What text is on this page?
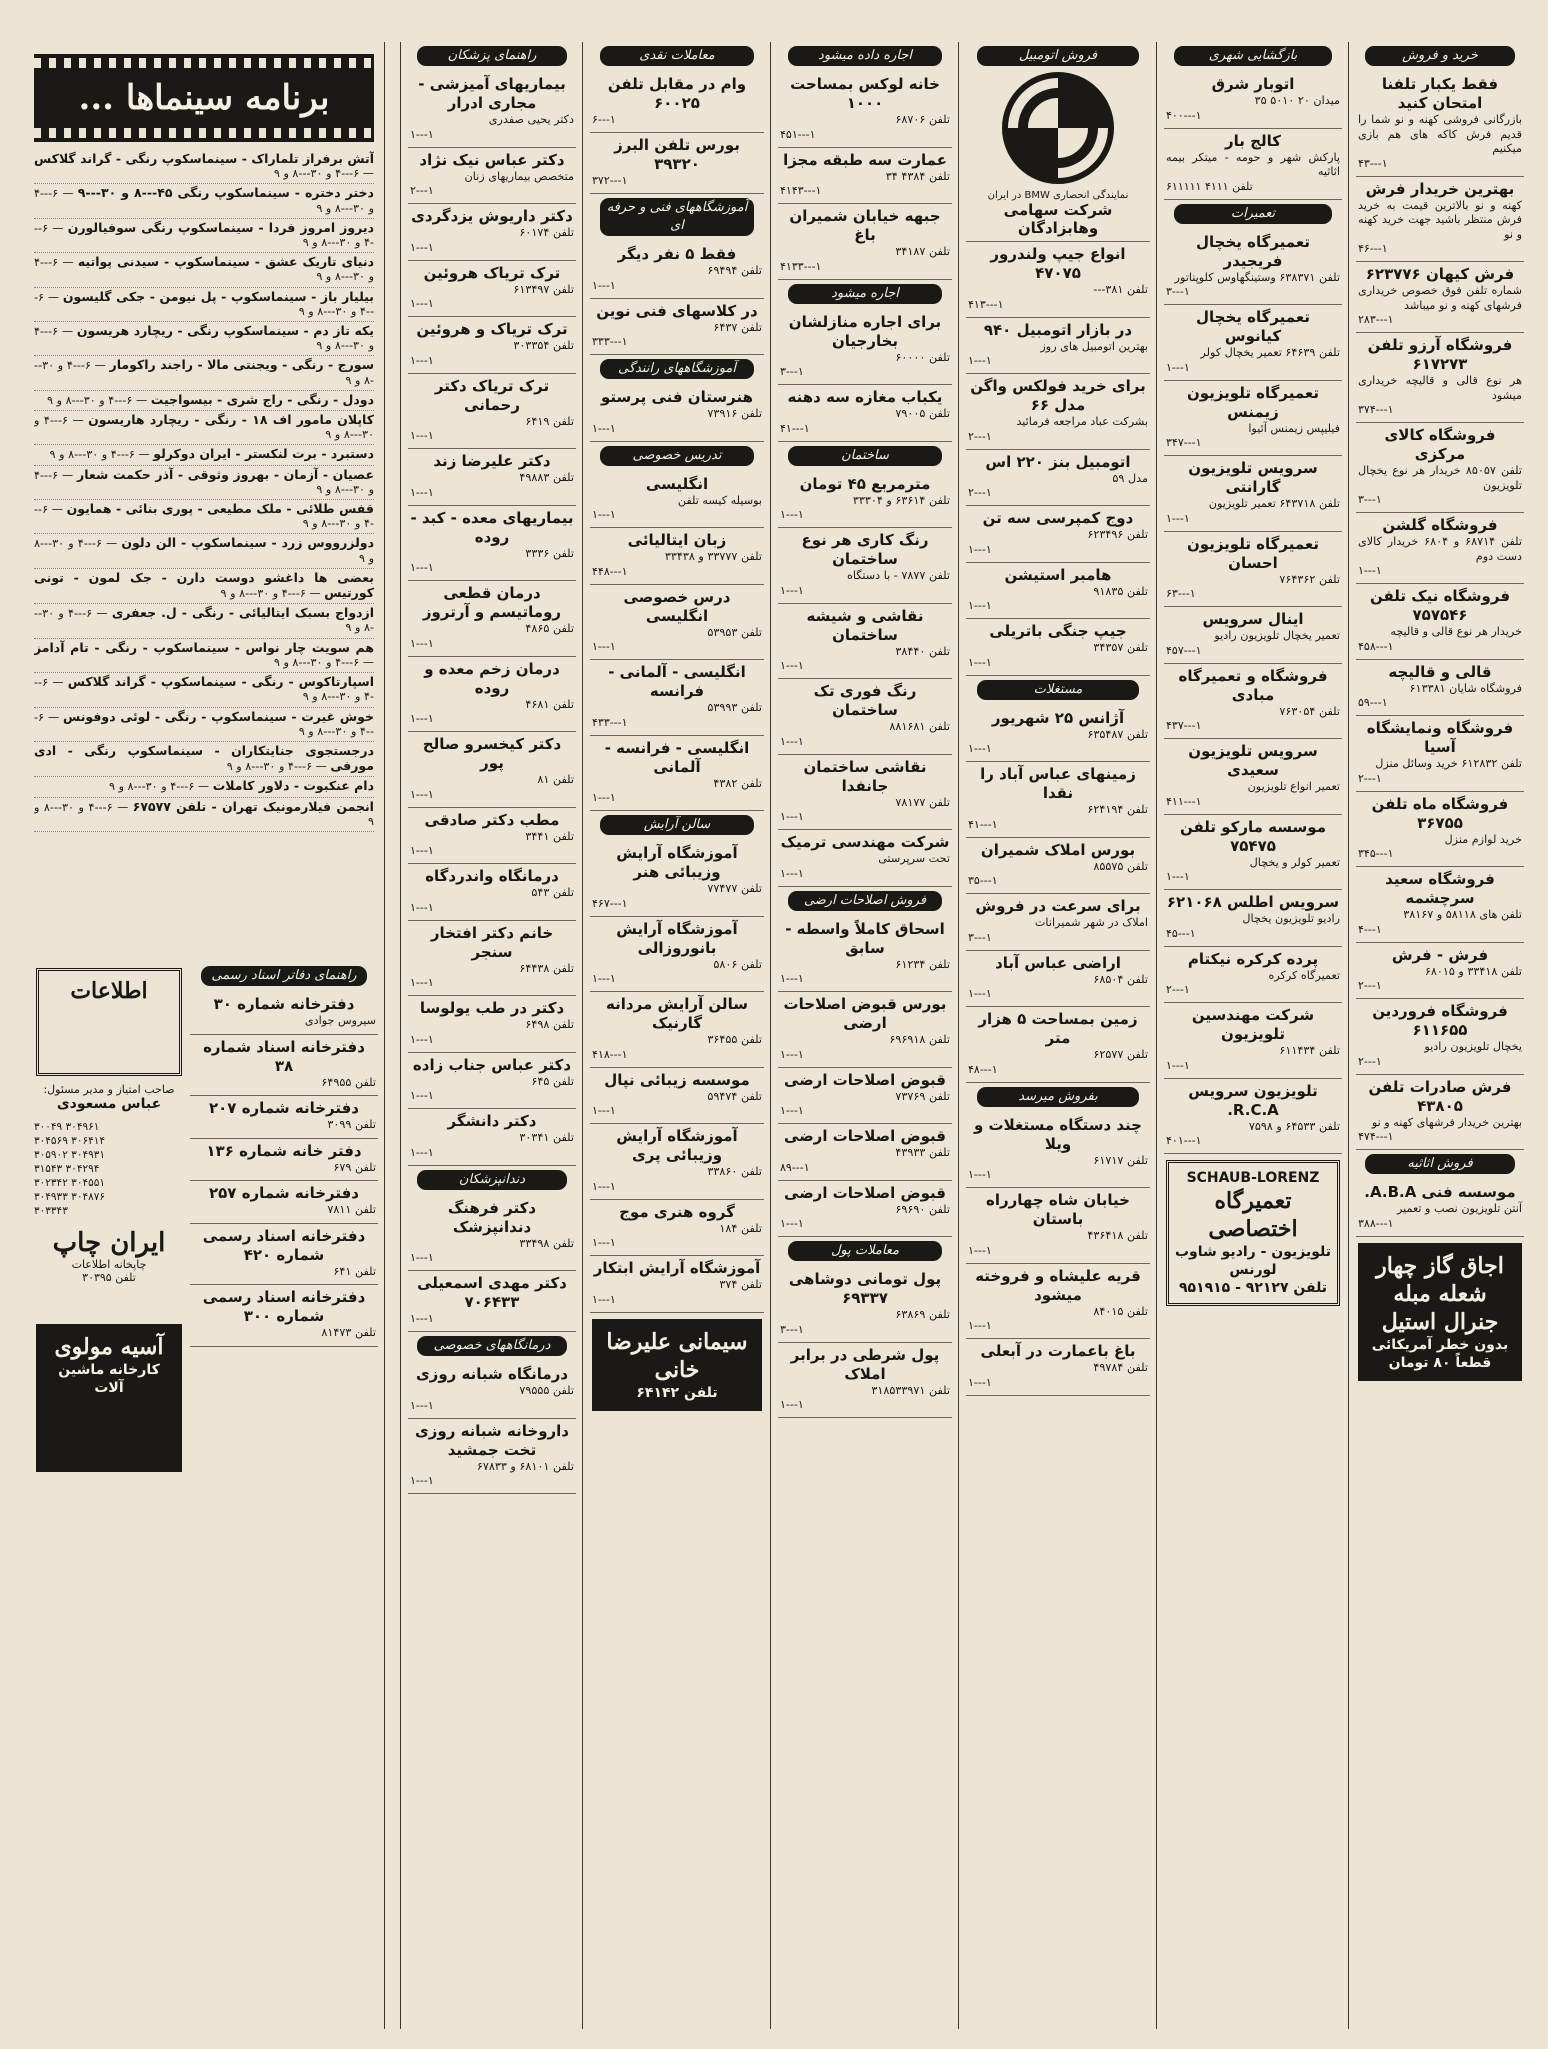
برنامه سینماها ...
آتش برفراز تلماراک - سینماسکوپ رنگی - گراند گلاکس — ۶---۴ و ۳۰---۸ و ۹
دختر دختره - سینماسکوپ رنگی ۴۵---۸ و ۳۰---۹ — ۶---۴ و ۳۰---۸ و ۹
دیروز امروز فردا - سینماسکوپ رنگی سوفیالورن — ۶---۴ و ۳۰---۸ و ۹
دنیای تاریک عشق - سینماسکوپ - سیدنی پواتیه — ۶---۴ و ۳۰---۸ و ۹
بیلیار باز - سینماسکوپ - پل نیومن - جکی گلیسون — ۶---۴ و ۳۰---۸ و ۹
یکه تاز دم - سینماسکوپ رنگی - ریچارد هریسون — ۶---۴ و ۳۰---۸ و ۹
سورج - رنگی - ویجنتی مالا - راجند راکومار — ۶---۴ و ۳۰---۸ و ۹
دودل - رنگی - راج شری - بیسواجیت — ۶---۴ و ۳۰---۸ و ۹
کاپلان مامور اف ۱۸ - رنگی - ریچارد هاریسون — ۶---۴ و ۳۰---۸ و ۹
دستبرد - برت لنکستر - ایران دوکرلو — ۶---۴ و ۳۰---۸ و ۹
عصیان - آزمان - بهروز وثوقی - آذر حکمت شعار — ۶---۴ و ۳۰---۸ و ۹
قفس طلائی - ملک مطیعی - پوری بنائی - همایون — ۶---۴ و ۳۰---۸ و ۹
دولزرووس زرد - سینماسکوپ - الن دلون — ۶---۴ و ۳۰---۸ و ۹
بعضی ها داغشو دوست دارن - جک لمون - تونی کورتیس — ۶---۴ و ۳۰---۸ و ۹
ازدواج بسبک ایتالیائی - رنگی - ل. جعفری — ۶---۴ و ۳۰---۸ و ۹
هم سویت چار نواس - سینماسکوپ - رنگی - تام آدامز — ۶---۴ و ۳۰---۸ و ۹
اسپارتاکوس - رنگی - سینماسکوپ - گراند گلاکس — ۶---۴ و ۳۰---۸ و ۹
خوش غیرت - سینماسکوپ - رنگی - لوئی دوفونس — ۶---۴ و ۳۰---۸ و ۹
درجستجوی جنایتکاران - سینماسکوپ رنگی - ادی مورفی — ۶---۴ و ۳۰---۸ و ۹
دام عنکبوت - دلاور کاملات — ۶---۴ و ۳۰---۸ و ۹
انجمن فیلارمونیک تهران - تلفن ۶۷۵۷۷ — ۶---۴ و ۳۰---۸ و ۹
اطلاعات
صاحب امتیاز و مدیر مسئول:
عباس مسعودی
۳۰۰۴۹ ۳۰۴۹۶۱
۳۰۴۵۶۹ ۳۰۶۴۱۴
۳۰۵۹۰۲ ۳۰۴۹۳۱
۳۱۵۴۳ ۳۰۴۲۹۴
۳۰۲۳۴۲ ۳۰۴۵۵۱
۳۰۴۹۳۳ ۳۰۴۸۷۶
۳۰۳۳۴۳
ایران چاپ
چاپخانه اطلاعات
تلفن ۳۰۳۹۵
آسیه مولوی
کارخانه ماشین آلات
راهنمای دفاتر اسناد رسمی
دفترخانه شماره ۳۰
سیروس جوادی
دفترخانه اسناد شماره ۳۸
تلفن ۶۴۹۵۵
دفترخانه شماره ۲۰۷
تلفن ۳۰۹۹
دفتر خانه شماره ۱۳۶
تلفن ۶۷۹
دفترخانه شماره ۲۵۷
تلفن ۷۸۱۱
دفترخانه اسناد رسمی شماره ۴۲۰
تلفن ۶۴۱
دفترخانه اسناد رسمی شماره ۳۰۰
تلفن ۸۱۴۷۳
خرید و فروش
فقط یکبار تلفنا امتحان کنید
بازرگانی فروشی کهنه و نو شما را قدیم فرش کاکه های هم بازی میکنیم
۴۳---۱
بهترین خریدار فرش
کهنه و نو بالاترین قیمت به خرید فرش منتظر باشید جهت خرید کهنه و نو
۴۶---۱
فرش کیهان ۶۲۳۷۷۶
شماره تلفن فوق خصوص خریداری فرشهای کهنه و نو میباشد
۲۸۳---۱
فروشگاه آرزو تلفن ۶۱۷۲۷۳
هر نوع قالی و قالیچه خریداری میشود
۳۷۴---۱
فروشگاه کالای مرکزی
تلفن ۸۵۰۵۷ خریدار هر نوع یخچال تلویزیون
۳---۱
فروشگاه گلشن
تلفن ۶۸۷۱۴ و ۶۸۰۴ خریدار کالای دست دوم
۱---۱
فروشگاه نیک تلفن ۷۵۷۵۴۶
خریدار هر نوع قالی و قالیچه
۴۵۸---۱
قالی و قالیچه
فروشگاه شایان ۶۱۳۳۸۱
۵۹---۱
فروشگاه ونمایشگاه آسیا
تلفن ۶۱۲۸۳۲ خرید وسائل منزل
۲---۱
فروشگاه ماه تلفن ۳۶۷۵۵
خرید لوازم منزل
۳۴۵---۱
فروشگاه سعید سرچشمه
تلفن های ۵۸۱۱۸ و ۳۸۱۶۷
۴---۱
فرش - فرش
تلفن ۳۳۴۱۸ و ۶۸۰۱۵
۲---۱
فروشگاه فروردین ۶۱۱۶۵۵
یخچال تلویزیون رادیو
۲---۱
فرش صادرات تلفن ۴۳۸۰۵
بهترین خریدار فرشهای کهنه و نو
۴۷۴---۱
فروش اثاثیه
موسسه فنی A.B.A.
آنتن تلویزیون نصب و تعمیر
۳۸۸---۱
اجاق گاز چهار شعله مبله جنرال استیل
بدون خطر آمریکائی قطعاً ۸۰ تومان
بازگشایی شهری
اتوبار شرق
میدان ۲۰ ۵۰۱۰ ۳۵
۴۰۰---۱
کالج بار
پارکش شهر و حومه - میتکر بیمه اثاثیه
تلفن ۴۱۱۱ ۶۱۱۱۱۱
تعمیرات
تعمیرگاه یخچال فریجیدر
تلفن ۶۳۸۳۷۱ وستینگهاوس کلوپناتور
۳---۱
تعمیرگاه یخچال کیانوس
تلفن ۶۴۶۳۹ تعمیر یخچال کولر
۱---۱
تعمیرگاه تلویزیون زیمنس
فیلیپس زیمنس آئیوا
۳۴۷---۱
سرویس تلویزیون گارانتی
تلفن ۶۴۳۷۱۸ تعمیر تلویزیون
۱---۱
تعمیرگاه تلویزیون احسان
تلفن ۷۶۴۳۶۲
۶۳---۱
اینال سرویس
تعمیر یخچال تلویزیون رادیو
۴۵۷---۱
فروشگاه و تعمیرگاه مبادی
تلفن ۷۶۳۰۵۴
۴۳۷---۱
سرویس تلویزیون سعیدی
تعمیر انواع تلویزیون
۴۱۱---۱
موسسه مارکو تلفن ۷۵۴۷۵
تعمیر کولر و یخچال
۱---۱
سرویس اطلس ۶۲۱۰۶۸
رادیو تلویزیون یخچال
۴۵---۱
پرده کرکره نیکتام
تعمیرگاه کرکره
۲---۱
شرکت مهندسین تلویزیون
تلفن ۶۱۱۴۳۴
۱---۱
تلویزیون سرویس R.C.A.
تلفن ۶۴۵۳۳ و ۷۵۹۸
۴۰۱---۱
SCHAUB-LORENZ
تعمیرگاه اختصاصی
تلویزیون - رادیو شاوب لورنس
تلفن ۹۲۱۲۷ - ۹۵۱۹۱۵
فروش اتومبیل
نمایندگی انحصاری BMW در ایران
شرکت سهامی وهابزادگان
انواع جیپ ولندرور ۴۷۰۷۵
تلفن ۳۸۱---
۴۱۳---۱
در بازار اتومبیل ۹۴۰
بهترین اتومبیل های روز
۱---۱
برای خرید فولکس واگن مدل ۶۶
بشرکت عباد مراجعه فرمائید
۲---۱
اتومبیل بنز ۲۲۰ اس
مدل ۵۹
۲---۱
دوج کمپرسی سه تن
تلفن ۶۲۳۴۹۶
۱---۱
هامبر استیشن
تلفن ۹۱۸۳۵
۱---۱
جیپ جنگی باتریلی
تلفن ۳۴۳۵۷
۱---۱
مستغلات
آژانس ۲۵ شهریور
تلفن ۶۳۵۴۸۷
۱---۱
زمینهای عباس آباد را نقدا
تلفن ۶۲۴۱۹۴
۴۱---۱
بورس املاک شمیران
تلفن ۸۵۵۷۵
۳۵---۱
برای سرعت در فروش
املاک در شهر شمیرانات
۳---۱
اراضی عباس آباد
تلفن ۶۸۵۰۴
۱---۱
زمین بمساحت ۵ هزار متر
تلفن ۶۲۵۷۷
۴۸---۱
بفروش میرسد
چند دستگاه مستغلات و ویلا
تلفن ۶۱۷۱۷
۱---۱
خیابان شاه چهارراه باستان
تلفن ۴۳۶۴۱۸
۱---۱
قریه علیشاه و فروخته میشود
تلفن ۸۴۰۱۵
۱---۱
باغ باعمارت در آبعلی
تلفن ۴۹۷۸۴
۱---۱
اجاره داده میشود
خانه لوکس بمساحت ۱۰۰۰
تلفن ۶۸۷۰۶
۴۵۱---۱
عمارت سه طبقه مجزا
تلفن ۴۳۸۴ ۳۴
۴۱۴۳---۱
جبهه خیابان شمیران باغ
تلفن ۳۴۱۸۷
۴۱۳۳---۱
اجاره میشود
برای اجاره منازلشان بخارجیان
تلفن ۶۰۰۰۰
۳---۱
یکباب مغازه سه دهنه
تلفن ۷۹۰۰۵
۴۱---۱
ساختمان
مترمربع ۴۵ تومان
تلفن ۶۳۶۱۴ و ۳۳۳۰۴
۱---۱
رنگ کاری هر نوع ساختمان
تلفن ۷۸۷۷ - با دستگاه
۱---۱
نقاشی و شیشه ساختمان
تلفن ۳۸۴۴۰
۱---۱
رنگ فوری تک ساختمان
تلفن ۸۸۱۶۸۱
۱---۱
نقاشی ساختمان جانفدا
تلفن ۷۸۱۷۷
۱---۱
شرکت مهندسی ترمیک
تحت سرپرستی
۱---۱
فروش اصلاحات ارضی
اسحاق کاملاً واسطه - سابق
تلفن ۶۱۲۳۴
۱---۱
بورس قبوض اصلاحات ارضی
تلفن ۶۹۶۹۱۸
۱---۱
قبوض اصلاحات ارضی
تلفن ۷۳۷۶۹
۱---۱
قبوض اصلاحات ارضی
تلفن ۴۳۹۳۳
۸۹---۱
قبوض اصلاحات ارضی
تلفن ۶۹۶۹۰
۱---۱
معاملات پول
پول تومانی دوشاهی ۶۹۳۳۷
تلفن ۶۳۸۶۹
۳---۱
پول شرطی در برابر املاک
تلفن ۳۱۸۵۳۳۹۷۱
۱---۱
معاملات نقدی
وام در مقابل تلفن ۶۰۰۲۵
۶---۱
بورس تلفن البرز ۳۹۳۲۰
۳۷۲---۱
آموزشگاههای فنی و حرفه ای
فقط ۵ نفر دیگر
تلفن ۶۹۴۹۴
۱---۱
در کلاسهای فنی نوین
تلفن ۶۴۳۷
۳۳۳---۱
آموزشگاههای رانندگی
هنرستان فنی پرستو
تلفن ۷۳۹۱۶
۱---۱
تدریس خصوصی
انگلیسی
بوسیله کیسه تلفن
۱---۱
زبان ایتالیائی
تلفن ۳۳۷۷۷ و ۳۳۴۳۸
۴۴۸---۱
درس خصوصی انگلیسی
تلفن ۵۳۹۵۳
۱---۱
انگلیسی - آلمانی - فرانسه
تلفن ۵۳۹۹۳
۴۳۳---۱
انگلیسی - فرانسه - آلمانی
تلفن ۴۳۸۲
۱---۱
سالن آرایش
آموزشگاه آرایش وزیبائی هنر
تلفن ۷۷۴۷۷
۴۶۷---۱
آموزشگاه آرایش بانوروزالی
تلفن ۵۸۰۶
۱---۱
سالن آرایش مردانه گارنیک
تلفن ۳۶۴۵۵
۴۱۸---۱
موسسه زیبائی نپال
تلفن ۵۹۴۷۴
۱---۱
آموزشگاه آرایش وزیبائی پری
تلفن ۳۳۸۶۰
۱---۱
گروه هنری موج
تلفن ۱۸۴
۱---۱
آموزشگاه آرایش ابتکار
تلفن ۳۷۴
۱---۱
سیمانی علیرضا خانی
تلفن ۶۴۱۴۲
راهنمای پزشکان
بیماریهای آمیزشی - مجاری ادرار
دکتر یحیی صفدری
۱---۱
دکتر عباس نیک نژاد
متخصص بیماریهای زنان
۲---۱
دکتر داریوش یزدگردی
تلفن ۶۰۱۷۴
۱---۱
ترک تریاک هروئین
تلفن ۶۱۳۴۹۷
۱---۱
ترک تریاک و هروئین
تلفن ۳۰۳۳۵۴
۱---۱
ترک تریاک دکتر رحمانی
تلفن ۶۴۱۹
۱---۱
دکتر علیرضا زند
تلفن ۴۹۸۸۳
۱---۱
بیماریهای معده - کبد - روده
تلفن ۳۳۳۶
۱---۱
درمان قطعی روماتیسم و آرتروز
تلفن ۴۸۶۵
۱---۱
درمان زخم معده و روده
تلفن ۴۶۸۱
۱---۱
دکتر کیخسرو صالح پور
تلفن ۸۱
۱---۱
مطب دکتر صادقی
تلفن ۳۴۴۱
۱---۱
درمانگاه واندردگاه
تلفن ۵۴۳
۱---۱
خانم دکتر افتخار سنجر
تلفن ۶۴۴۳۸
۱---۱
دکتر در طب یولوسا
تلفن ۶۴۹۸
۱---۱
دکتر عباس جناب زاده
تلفن ۶۴۵
۱---۱
دکتر دانشگر
تلفن ۳۰۳۴۱
۱---۱
دندانپزشکان
دکتر فرهنگ دندانپزشک
تلفن ۳۳۴۹۸
۱---۱
دکتر مهدی اسمعیلی ۷۰۶۴۳۳
۱---۱
درمانگاههای خصوصی
درمانگاه شبانه روزی
تلفن ۷۹۵۵۵
۱---۱
داروخانه شبانه روزی تخت جمشید
تلفن ۶۸۱۰۱ و ۶۷۸۳۳
۱---۱
